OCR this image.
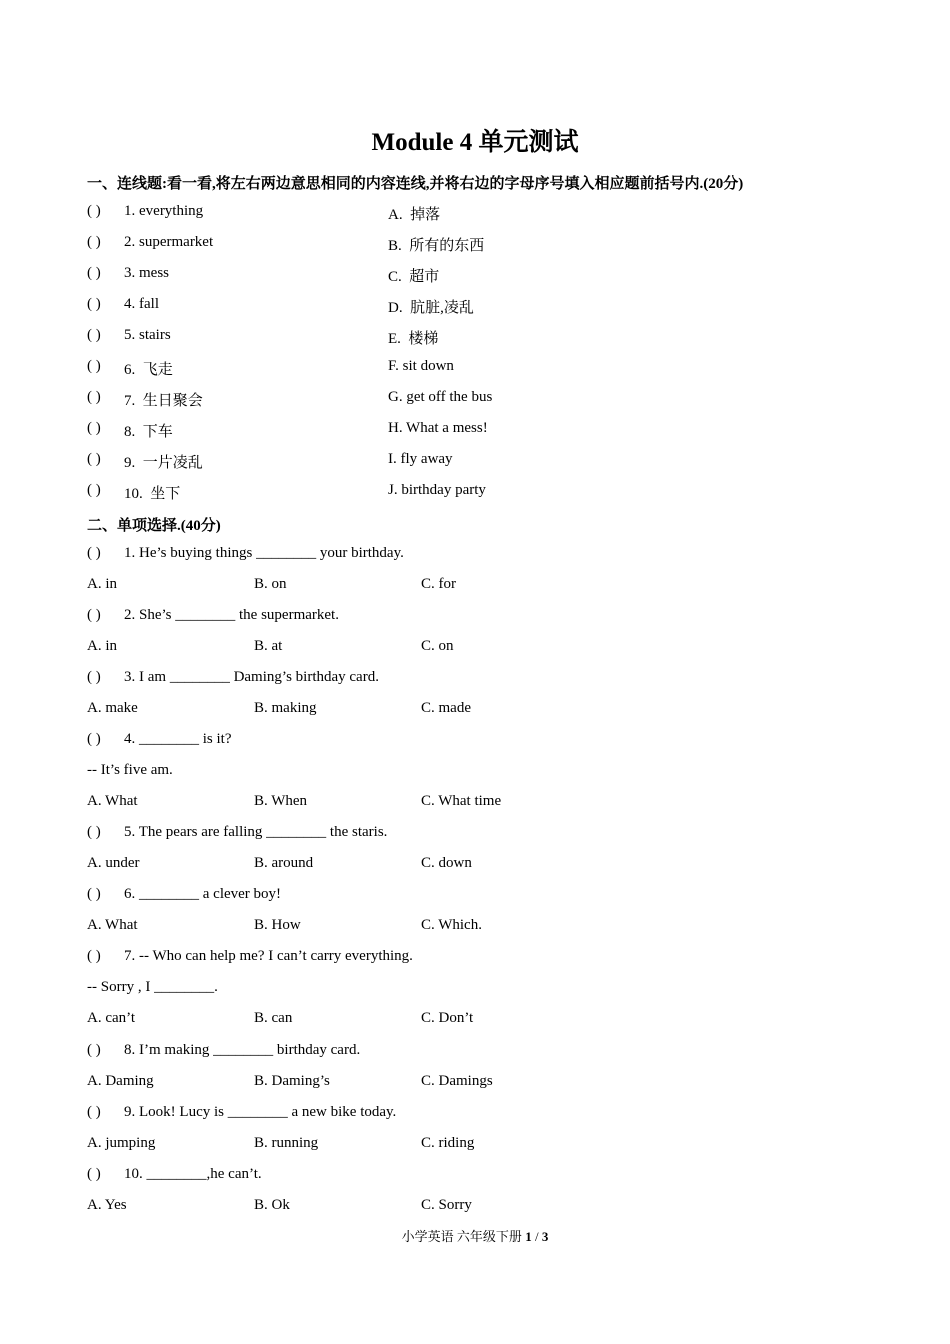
Module 4 单元测试
一、连线题:看一看,将左右两边意思相同的内容连线,并将右边的字母序号填入相应题前括号内.(20分)
( ) 1. everything	A.  掉落
( ) 2. supermarket	B.  所有的东西
( ) 3. mess	C.  超市
( ) 4. fall	D.  肮脏,凌乱
( ) 5. stairs	E.  楼梯
( ) 6.  飞走	F. sit down
( ) 7.  生日聚会	G. get off the bus
( ) 8.  下车	H. What a mess!
( ) 9.  一片凌乱	I. fly away
( ) 10.  坐下	J. birthday party
二、单项选择.(40分)
( ) 1. He’s buying things ________ your birthday.
A. in	B. on	C. for
( ) 2. She’s ________ the supermarket.
A. in	B. at	C. on
( ) 3. I am ________ Daming’s birthday card.
A. make	B. making	C. made
( ) 4. ________ is it?
-- It’s five am.
A. What	B. When	C. What time
( ) 5. The pears are falling ________ the staris.
A. under	B. around	C. down
( ) 6. ________ a clever boy!
A. What	B. How	C. Which.
( ) 7. -- Who can help me? I can’t carry everything.
-- Sorry , I ________.
A. can’t	B. can	C. Don’t
( ) 8. I’m making ________ birthday card.
A. Daming	B. Daming’s	C. Damings
( ) 9. Look! Lucy is ________ a new bike today.
A. jumping	B. running	C. riding
( ) 10. ________,he can’t.
A. Yes	B. Ok	C. Sorry
小学英语 六年级下册 1 / 3
